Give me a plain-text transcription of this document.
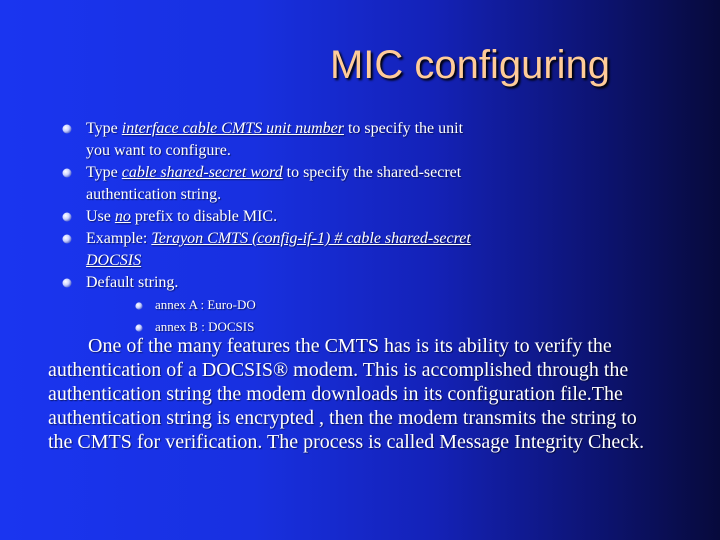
MIC configuring
Type interface cable CMTS unit number to specify the unit you want to configure.
Type cable shared-secret word to specify the shared-secret authentication string.
Use no prefix to disable MIC.
Example: Terayon CMTS (config-if-1) # cable shared-secret DOCSIS
Default string.
annex A : Euro-DO
annex B : DOCSIS
One of the many features the CMTS has is its ability to verify the authentication of a DOCSIS® modem. This is accomplished through the authentication string the modem downloads in its configuration file.The authentication string is encrypted , then the modem transmits the string to the CMTS for verification. The process is called Message Integrity Check.
